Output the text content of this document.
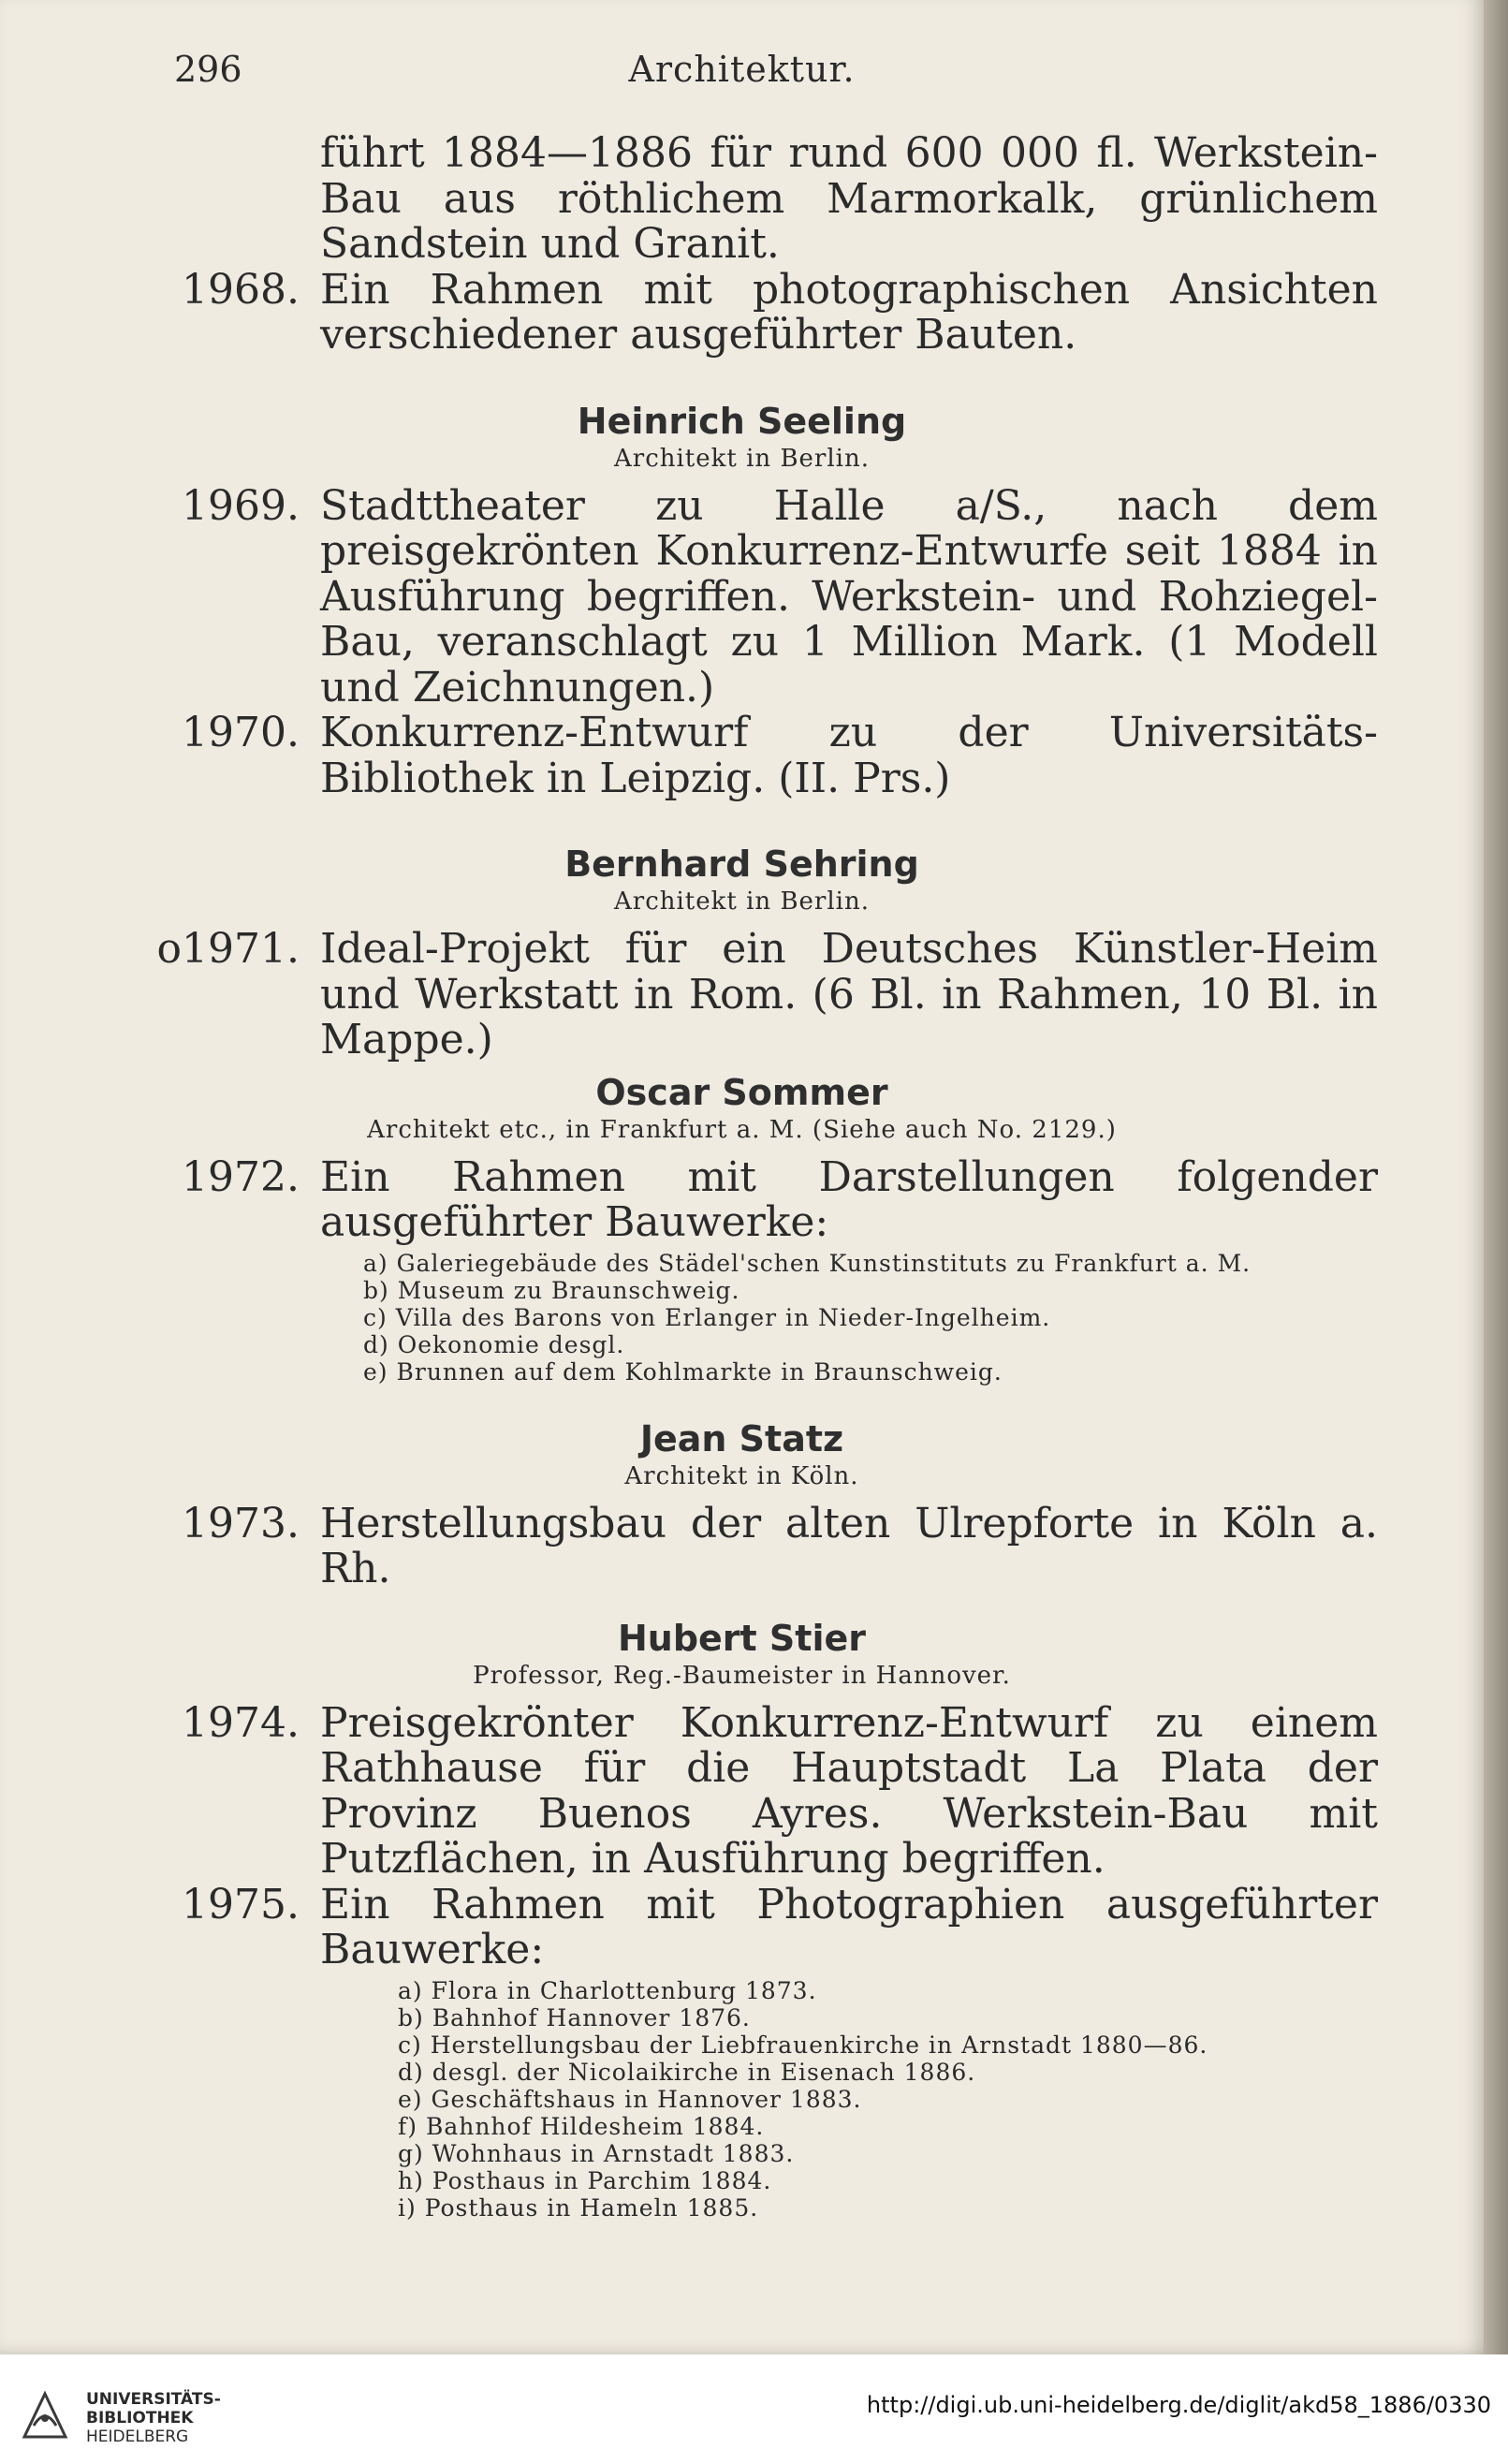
296	Architektur.
führt 1884—1886 für rund 600 000 fl. Werkstein-Bau aus röthlichem Marmorkalk, grünlichem Sandstein und Granit.
1968. Ein Rahmen mit photographischen Ansichten verschiedener ausgeführter Bauten.
Heinrich Seeling
Architekt in Berlin.
1969. Stadttheater zu Halle a/S., nach dem preisgekrönten Konkurrenz-Entwurfe seit 1884 in Ausführung begriffen. Werkstein- und Rohziegel-Bau, veranschlagt zu 1 Million Mark. (1 Modell und Zeichnungen.)
1970. Konkurrenz-Entwurf zu der Universitäts-Bibliothek in Leipzig. (II. Prs.)
Bernhard Sehring
Architekt in Berlin.
o1971. Ideal-Projekt für ein Deutsches Künstler-Heim und Werkstatt in Rom. (6 Bl. in Rahmen, 10 Bl. in Mappe.)
Oscar Sommer
Architekt etc., in Frankfurt a. M. (Siehe auch No. 2129.)
1972. Ein Rahmen mit Darstellungen folgender ausgeführter Bauwerke:
a) Galeriegebäude des Städel'schen Kunstinstituts zu Frankfurt a. M.
b) Museum zu Braunschweig.
c) Villa des Barons von Erlanger in Nieder-Ingelheim.
d) Oekonomie desgl.
e) Brunnen auf dem Kohlmarkte in Braunschweig.
Jean Statz
Architekt in Köln.
1973. Herstellungsbau der alten Ulrepforte in Köln a. Rh.
Hubert Stier
Professor, Reg.-Baumeister in Hannover.
1974. Preisgekrönter Konkurrenz-Entwurf zu einem Rathhause für die Hauptstadt La Plata der Provinz Buenos Ayres. Werkstein-Bau mit Putzflächen, in Ausführung begriffen.
1975. Ein Rahmen mit Photographien ausgeführter Bauwerke:
a) Flora in Charlottenburg 1873.
b) Bahnhof Hannover 1876.
c) Herstellungsbau der Liebfrauenkirche in Arnstadt 1880—86.
d) desgl. der Nicolaikirche in Eisenach 1886.
e) Geschäftshaus in Hannover 1883.
f) Bahnhof Hildesheim 1884.
g) Wohnhaus in Arnstadt 1883.
h) Posthaus in Parchim 1884.
i) Posthaus in Hameln 1885.
UNIVERSITÄTS-
BIBLIOTHEK
HEIDELBERG
http://digi.ub.uni-heidelberg.de/diglit/akd58_1886/0330
